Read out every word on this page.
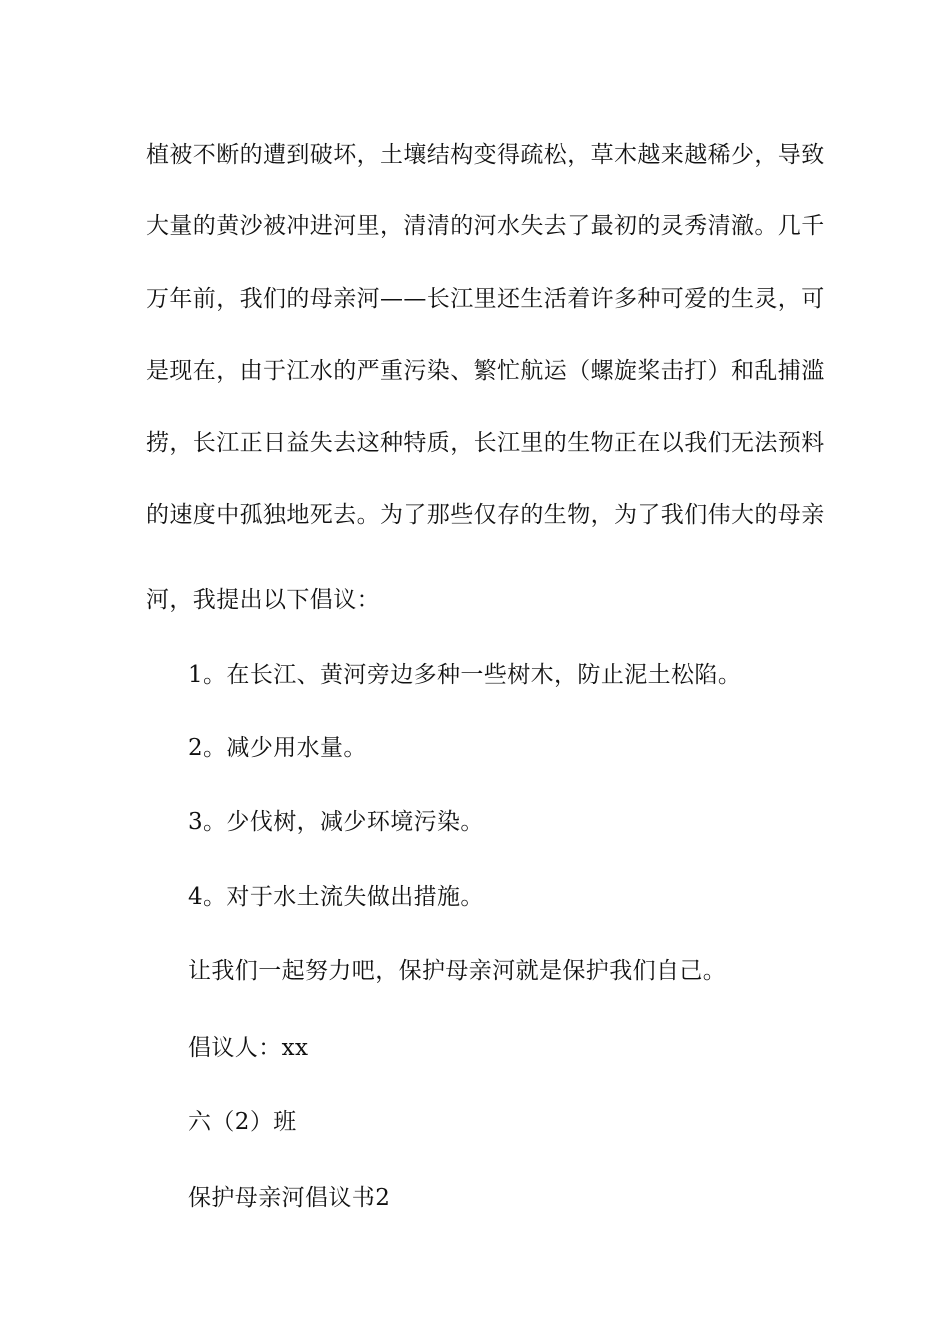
植被不断的遭到破坏，土壤结构变得疏松，草木越来越稀少，导致
大量的黄沙被冲进河里，清清的河水失去了最初的灵秀清澈。几千
万年前，我们的母亲河——长江里还生活着许多种可爱的生灵，可
是现在，由于江水的严重污染、繁忙航运（螺旋桨击打）和乱捕滥
捞，长江正日益失去这种特质，长江里的生物正在以我们无法预料
的速度中孤独地死去。为了那些仅存的生物，为了我们伟大的母亲
河，我提出以下倡议：
1。在长江、黄河旁边多种一些树木，防止泥土松陷。
2。减少用水量。
3。少伐树，减少环境污染。
4。对于水土流失做出措施。
让我们一起努力吧，保护母亲河就是保护我们自己。
倡议人：xx
六（2）班
保护母亲河倡议书2
